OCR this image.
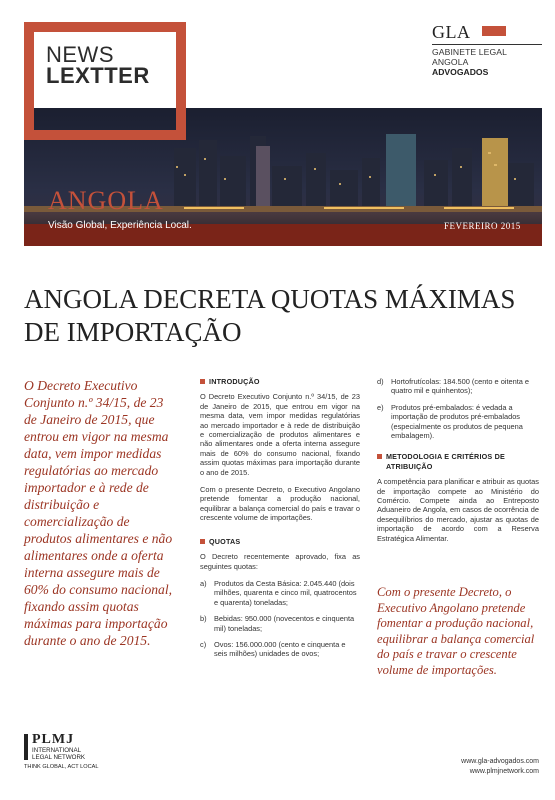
NEWS
LEXTTER
GLA
GABINETE LEGAL ANGOLA
ADVOGADOS
ANGOLA
Visão Global, Experiência Local.	FEVEREIRO 2015
ANGOLA DECRETA QUOTAS MÁXIMAS
DE IMPORTAÇÃO
O Decreto Executivo Conjunto n.º 34/15, de 23 de Janeiro de 2015, que entrou em vigor na mesma data, vem impor medidas regulatórias ao mercado importador e à rede de distribuição e comercialização de produtos alimentares e não alimentares onde a oferta interna assegure mais de 60% do consumo nacional, fixando assim quotas máximas para importação durante o ano de 2015.
INTRODUÇÃO
O Decreto Executivo Conjunto n.º 34/15, de 23 de Janeiro de 2015, que entrou em vigor na mesma data, vem impor medidas regulatórias ao mercado importador e à rede de distribuição e comercialização de produtos alimentares e não alimentares onde a oferta interna assegure mais de 60% do consumo nacional, fixando assim quotas máximas para importação durante o ano de 2015.
Com o presente Decreto, o Executivo Angolano pretende fomentar a produção nacional, equilibrar a balança comercial do país e travar o crescente volume de importações.
QUOTAS
O Decreto recentemente aprovado, fixa as seguintes quotas:
a)	Produtos da Cesta Básica: 2.045.440 (dois milhões, quarenta e cinco mil, quatrocentos e quarenta) toneladas;
b)	Bebidas: 950.000 (novecentos e cinquenta mil) toneladas;
c)	Ovos: 156.000.000 (cento e cinquenta e seis milhões) unidades de ovos;
d)	Hortofrutícolas: 184.500 (cento e oitenta e quatro mil e quinhentos);
e)	Produtos pré-embalados: é vedada a importação de produtos pré-embalados (especialmente os produtos de pequena embalagem).
METODOLOGIA E CRITÉRIOS DE
ATRIBUIÇÃO
A competência para planificar e atribuir as quotas de importação compete ao Ministério do Comércio. Compete ainda ao Entreposto Aduaneiro de Angola, em casos de ocorrência de desequilíbrios do mercado, ajustar as quotas de importação de acordo com a Reserva Estratégica Alimentar.
Com o presente Decreto, o Executivo Angolano pretende fomentar a produção nacional, equilibrar a balança comercial do país e travar o crescente volume de importações.
PLMJ
INTERNATIONAL
LEGAL NETWORK
THINK GLOBAL, ACT LOCAL
www.gla-advogados.com
www.plmjnetwork.com
